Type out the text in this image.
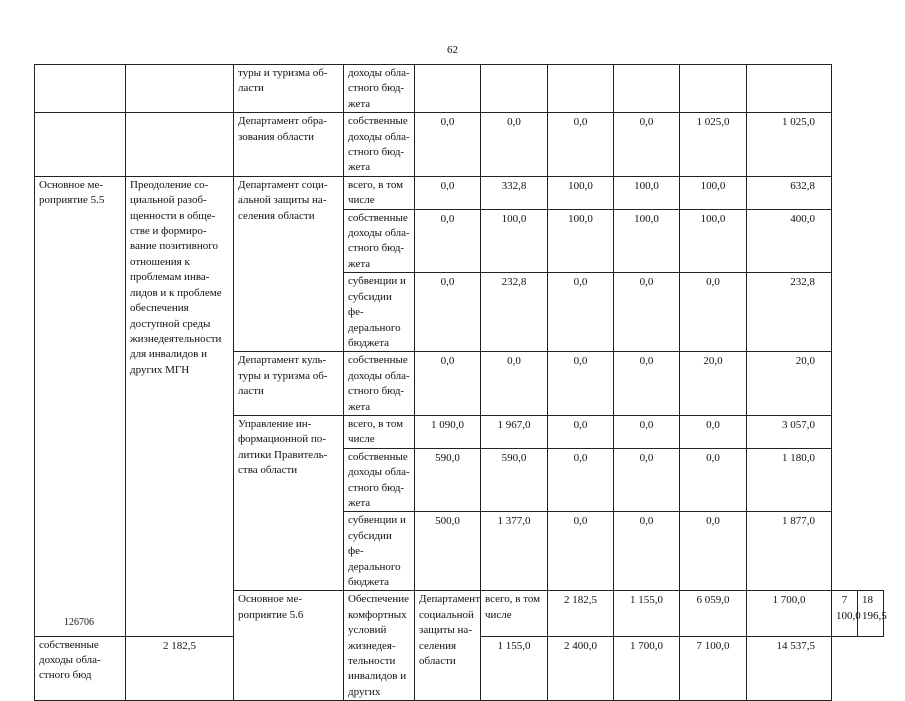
62
		туры и туризма области	доходы областного бюджета								
		Департамент образования области	собственные доходы областного бюджета	0,0	0,0	0,0	0,0	1 025,0	1 025,0		
Основное мероприятие 5.5	Преодоление социальной разобщенности в обществе и формирование позитивного отношения к проблемам инвалидов и к проблеме обеспечения доступной среды жизнедеятельности для инвалидов и других МГН	Департамент социальной защиты населения области	всего, в том числе	0,0	332,8	100,0	100,0	100,0	632,8		
			собственные доходы областного бюджета	0,0	100,0	100,0	100,0	100,0	400,0		
			субвенции и субсидии федерального бюджета	0,0	232,8	0,0	0,0	0,0	232,8		
		Департамент культуры и туризма области	собственные доходы областного бюджета	0,0	0,0	0,0	0,0	20,0	20,0		
		Управление информационной политики Правительства области	всего, в том числе	1 090,0	1 967,0	0,0	0,0	0,0	3 057,0		
			собственные доходы областного бюджета	590,0	590,0	0,0	0,0	0,0	1 180,0		
			субвенции и субсидии федерального бюджета	500,0	1 377,0	0,0	0,0	0,0	1 877,0		
		Основное мероприятие 5.6	Обеспечение комфортных условий жизнедеятельности инвалидов и других	Департамент социальной защиты населения области	всего, в том числе	2 182,5	1 155,0	6 059,0	1 700,0	7 100,0	18 196,5
собственные доходы областного бюд	2 182,5				1 155,0	2 400,0	1 700,0	7 100,0	14 537,5		
126706
